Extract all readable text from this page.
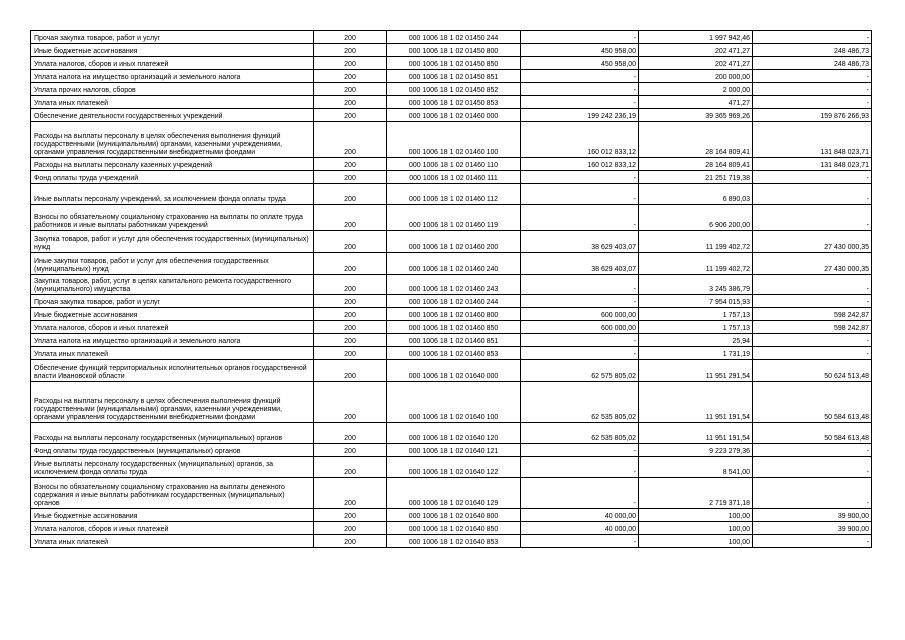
Прочая закупка товаров, работ и услуг	200	000 1006 18 1 02 01450 244	-	1 997 942,46	-
Иные бюджетные ассигнования	200	000 1006 18 1 02 01450 800	450 958,00	202 471,27	248 486,73
Уплата налогов, сборов и иных платежей	200	000 1006 18 1 02 01450 850	450 958,00	202 471,27	248 486,73
Уплата налога на имущество организаций и земельного налога	200	000 1006 18 1 02 01450 851	-	200 000,00	-
Уплата прочих налогов, сборов	200	000 1006 18 1 02 01450 852	-	2 000,00	-
Уплата иных платежей	200	000 1006 18 1 02 01450 853	-	471,27	-
Обеспечение деятельности государственных учреждений	200	000 1006 18 1 02 01460 000	199 242 236,19	39 365 969,26	159 876 266,93
Расходы на выплаты персоналу в целях обеспечения выполнения функций государственными (муниципальными) органами, казенными учреждениями, органами управления государственными внебюджетными фондами	200	000 1006 18 1 02 01460 100	160 012 833,12	28 164 809,41	131 848 023,71
Расходы на выплаты персоналу казенных учреждений	200	000 1006 18 1 02 01460 110	160 012 833,12	28 164 809,41	131 848 023,71
Фонд оплаты труда учреждений	200	000 1006 18 1 02 01460 111	-	21 251 719,38	-
Иные выплаты персоналу учреждений, за исключением фонда оплаты труда	200	000 1006 18 1 02 01460 112	-	6 890,03	-
Взносы по обязательному социальному страхованию на выплаты по оплате труда работников и иные выплаты работникам учреждений	200	000 1006 18 1 02 01460 119	-	6 906 200,00	-
Закупка товаров, работ и услуг для обеспечения государственных (муниципальных) нужд	200	000 1006 18 1 02 01460 200	38 629 403,07	11 199 402,72	27 430 000,35
Иные закупки товаров, работ и услуг для обеспечения государственных (муниципальных) нужд	200	000 1006 18 1 02 01460 240	38 629 403,07	11 199 402,72	27 430 000,35
Закупка товаров, работ, услуг в целях капитального ремонта государственного (муниципального) имущества	200	000 1006 18 1 02 01460 243	-	3 245 386,79	-
Прочая закупка товаров, работ и услуг	200	000 1006 18 1 02 01460 244	-	7 954 015,93	-
Иные бюджетные ассигнования	200	000 1006 18 1 02 01460 800	600 000,00	1 757,13	598 242,87
Уплата налогов, сборов и иных платежей	200	000 1006 18 1 02 01460 850	600 000,00	1 757,13	598 242,87
Уплата налога на имущество организаций и земельного налога	200	000 1006 18 1 02 01460 851	-	25,94	-
Уплата иных платежей	200	000 1006 18 1 02 01460 853	-	1 731,19	-
Обеспечение функций территориальных исполнительных органов государственной власти Ивановской области	200	000 1006 18 1 02 01640 000	62 575 805,02	11 951 291,54	50 624 513,48
Расходы на выплаты персоналу в целях обеспечения выполнения функций государственными (муниципальными) органами, казенными учреждениями, органами управления государственными внебюджетными фондами	200	000 1006 18 1 02 01640 100	62 535 805,02	11 951 191,54	50 584 613,48
Расходы на выплаты персоналу государственных (муниципальных) органов	200	000 1006 18 1 02 01640 120	62 535 805,02	11 951 191,54	50 584 613,48
Фонд оплаты труда государственных (муниципальных) органов	200	000 1006 18 1 02 01640 121	-	9 223 279,36	-
Иные выплаты персоналу государственных (муниципальных) органов, за исключением фонда оплаты труда	200	000 1006 18 1 02 01640 122	-	8 541,00	-
Взносы по обязательному социальному страхованию на выплаты денежного содержания и иные выплаты работникам государственных (муниципальных) органов	200	000 1006 18 1 02 01640 129	-	2 719 371,18	-
Иные бюджетные ассигнования	200	000 1006 18 1 02 01640 800	40 000,00	100,00	39 900,00
Уплата налогов, сборов и иных платежей	200	000 1006 18 1 02 01640 850	40 000,00	100,00	39 900,00
Уплата иных платежей	200	000 1006 18 1 02 01640 853	-	100,00	-
